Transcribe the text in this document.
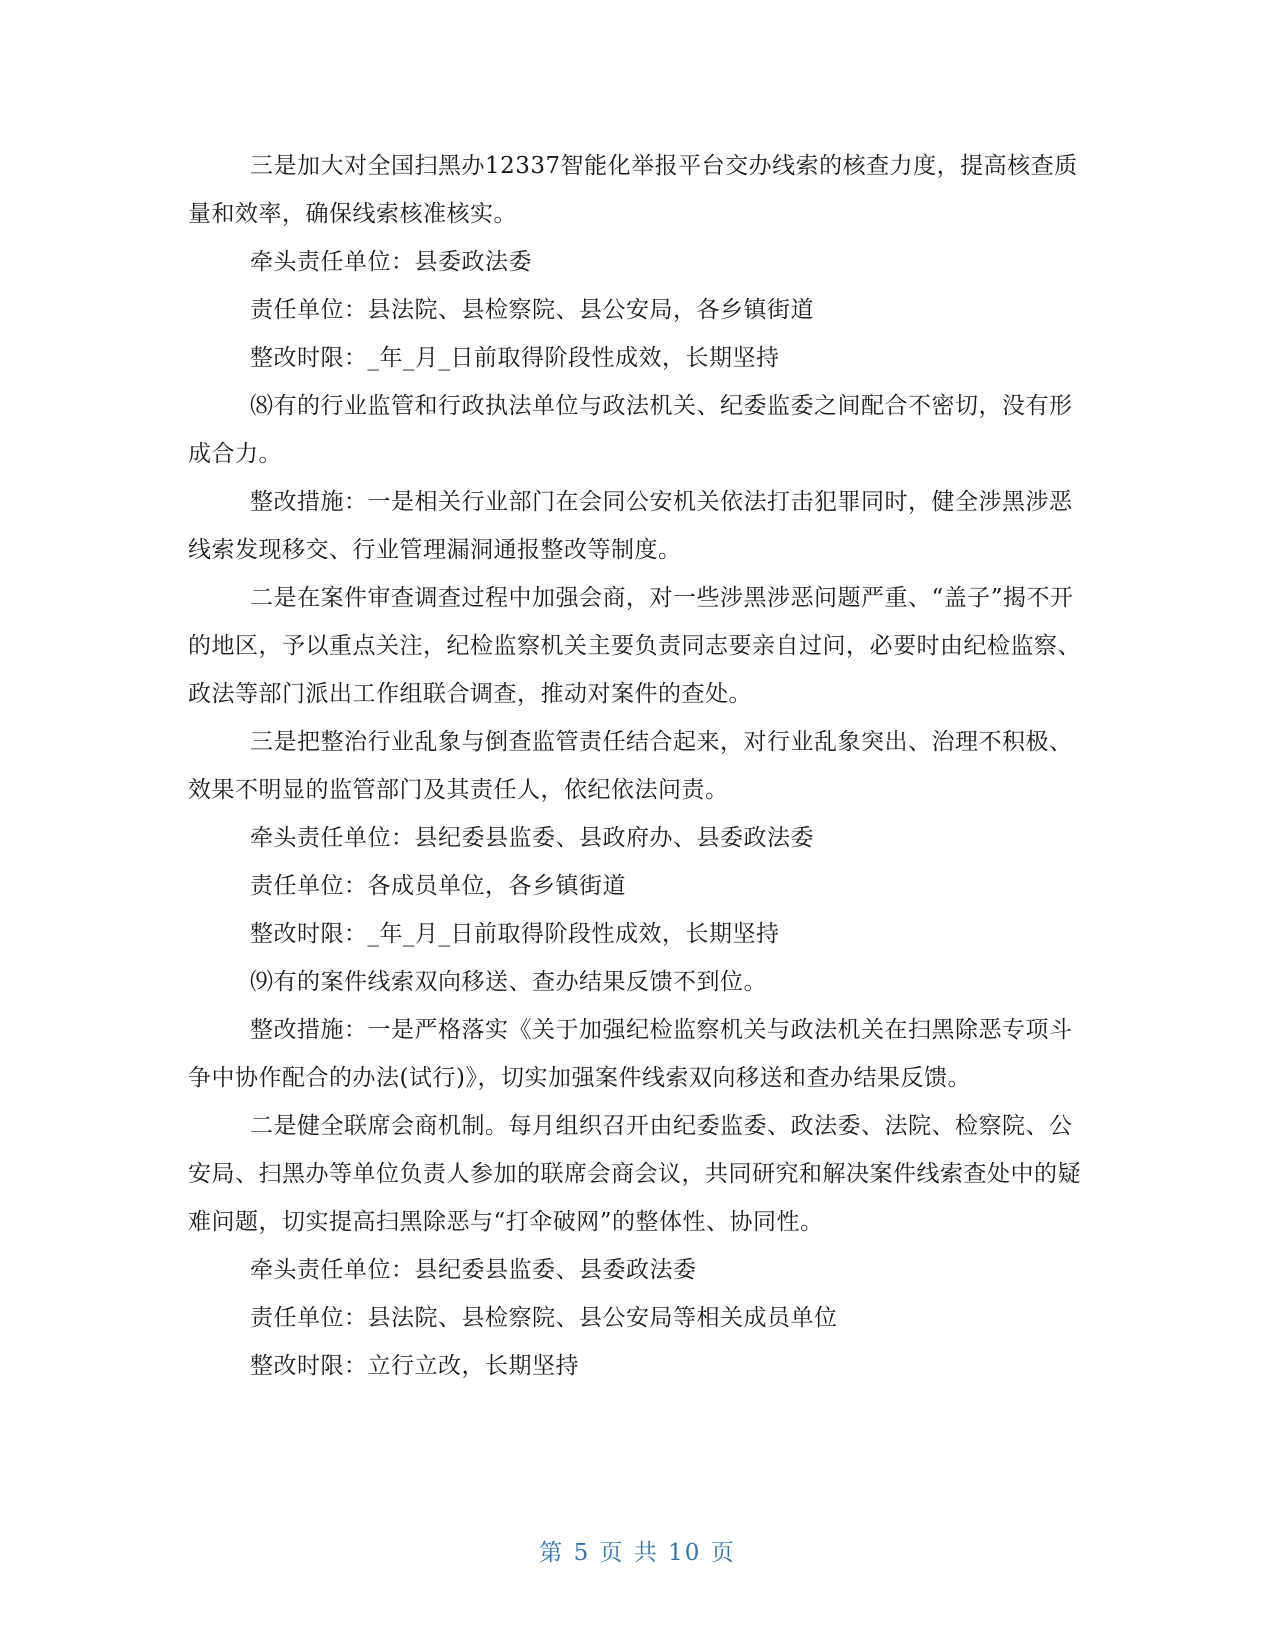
三是加大对全国扫黑办12337智能化举报平台交办线索的核查力度，提高核查质量和效率，确保线索核准核实。

牵头责任单位：县委政法委

责任单位：县法院、县检察院、县公安局，各乡镇街道

整改时限：_年_月_日前取得阶段性成效，长期坚持

⑻有的行业监管和行政执法单位与政法机关、纪委监委之间配合不密切，没有形成合力。

整改措施：一是相关行业部门在会同公安机关依法打击犯罪同时，健全涉黑涉恶线索发现移交、行业管理漏洞通报整改等制度。

二是在案件审查调查过程中加强会商，对一些涉黑涉恶问题严重、“盖子”揭不开的地区，予以重点关注，纪检监察机关主要负责同志要亲自过问，必要时由纪检监察、政法等部门派出工作组联合调查，推动对案件的查处。

三是把整治行业乱象与倒查监管责任结合起来，对行业乱象突出、治理不积极、效果不明显的监管部门及其责任人，依纪依法问责。

牵头责任单位：县纪委县监委、县政府办、县委政法委

责任单位：各成员单位，各乡镇街道

整改时限：_年_月_日前取得阶段性成效，长期坚持

⑼有的案件线索双向移送、查办结果反馈不到位。

整改措施：一是严格落实《关于加强纪检监察机关与政法机关在扫黑除恶专项斗争中协作配合的办法(试行)》，切实加强案件线索双向移送和查办结果反馈。

二是健全联席会商机制。每月组织召开由纪委监委、政法委、法院、检察院、公安局、扫黑办等单位负责人参加的联席会商会议，共同研究和解决案件线索查处中的疑难问题，切实提高扫黑除恶与“打伞破网”的整体性、协同性。

牵头责任单位：县纪委县监委、县委政法委

责任单位：县法院、县检察院、县公安局等相关成员单位

整改时限：立行立改，长期坚持

第 5 页 共 10 页
